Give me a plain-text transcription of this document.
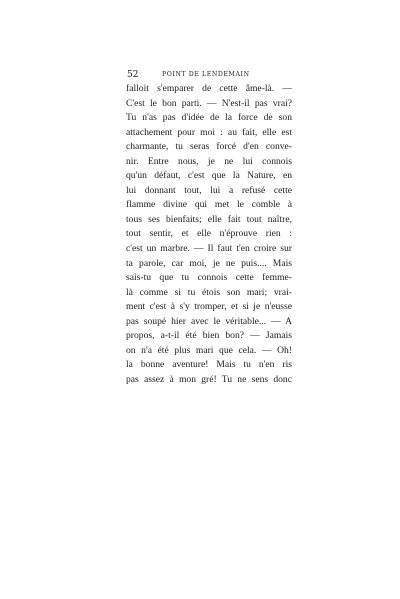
52	POINT DE LENDEMAIN
falloit s'emparer de cette âme-là. —
C'est le bon parti. — N'est-il pas vrai?
Tu n'as pas d'idée de la force de son
attachement pour moi : au fait, elle est
charmante, tu seras forcé d'en conve-
nir. Entre nous, je ne lui connois
qu'un défaut, c'est que la Nature, en
lui donnant tout, lui a refusé cette
flamme divine qui met le comble à
tous ses bienfaits; elle fait tout naître,
tout sentir, et elle n'éprouve rien :
c'est un marbre. — Il faut t'en croire sur
ta parole, car moi, je ne puis.... Mais
sais-tu que tu connois cette femme-
là comme si tu étois son mari; vrai-
ment c'est à s'y tromper, et si je n'eusse
pas soupé hier avec le véritable... — A
propos, a-t-il été bien bon? — Jamais
on n'a été plus mari que cela. — Oh!
la bonne aventure! Mais tu n'en ris
pas assez à mon gré! Tu ne sens donc
